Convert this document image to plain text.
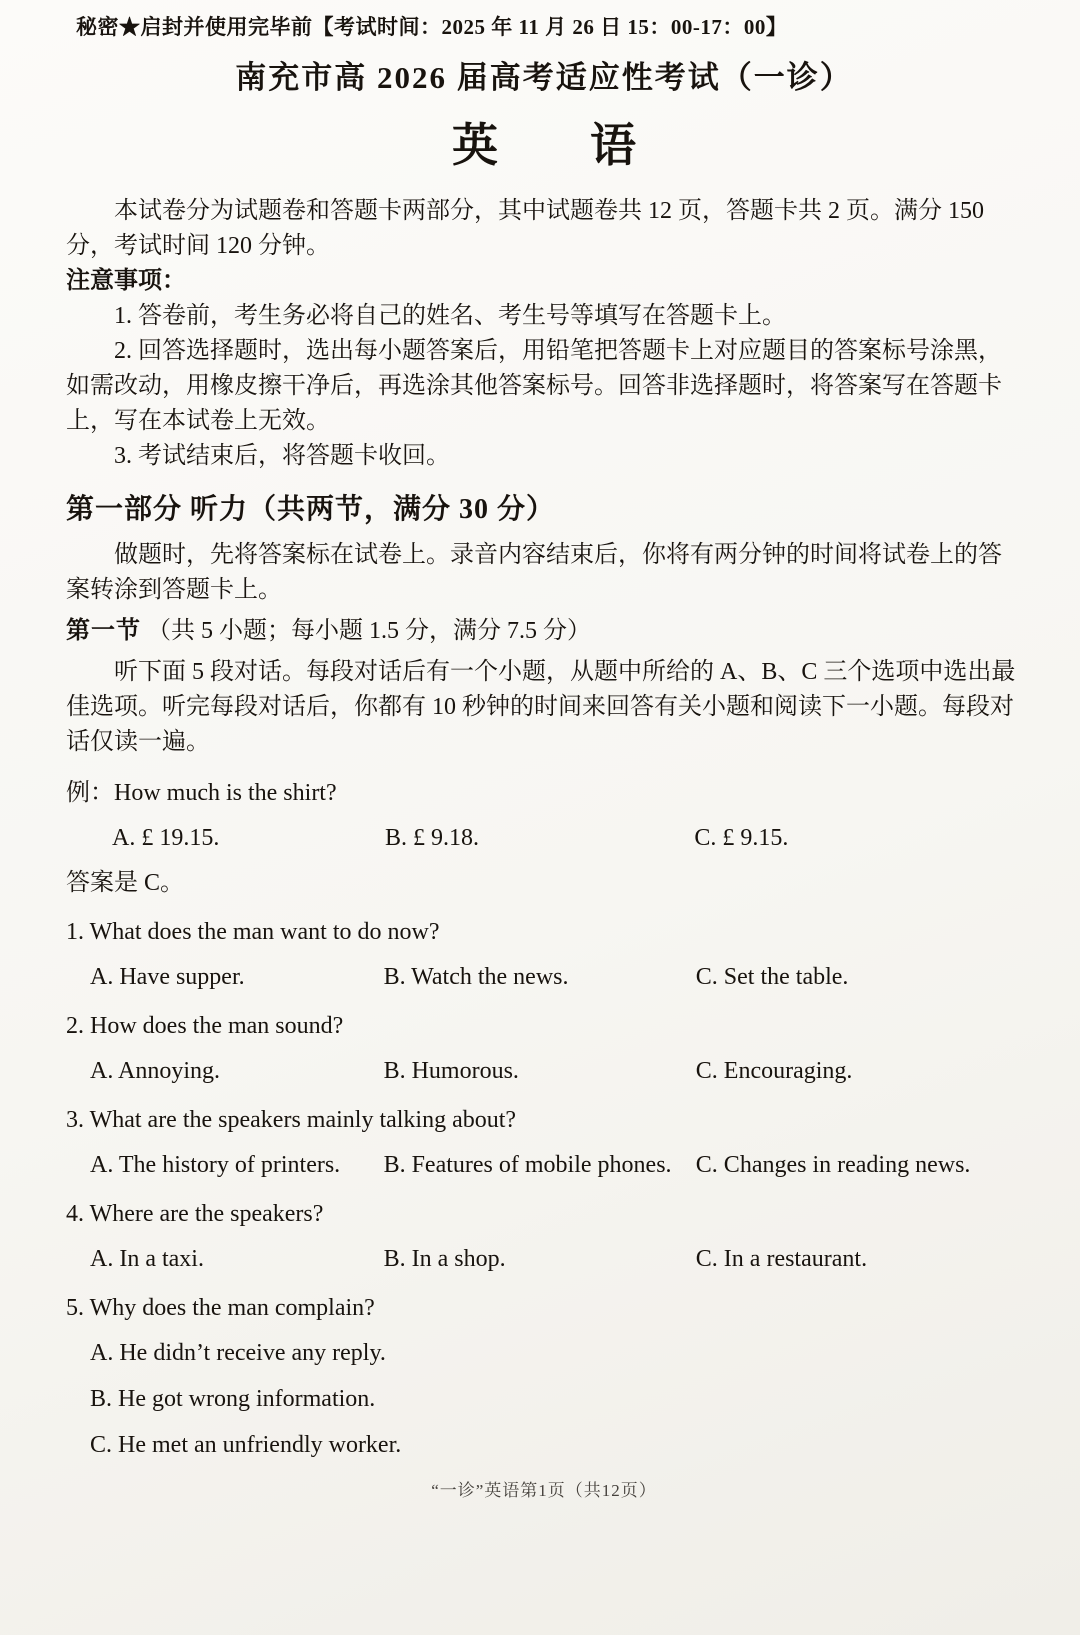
秘密★启封并使用完毕前【考试时间：2025 年 11 月 26 日 15：00-17：00】
南充市高 2026 届高考适应性考试（一诊）
英　　语

本试卷分为试题卷和答题卡两部分，其中试题卷共 12 页，答题卡共 2 页。满分 150 分，考试时间 120 分钟。

注意事项：

1. 答卷前，考生务必将自己的姓名、考生号等填写在答题卡上。

2. 回答选择题时，选出每小题答案后，用铅笔把答题卡上对应题目的答案标号涂黑，如需改动，用橡皮擦干净后，再选涂其他答案标号。回答非选择题时，将答案写在答题卡上，写在本试卷上无效。

3. 考试结束后，将答题卡收回。

第一部分 听力（共两节，满分 30 分）

做题时，先将答案标在试卷上。录音内容结束后，你将有两分钟的时间将试卷上的答案转涂到答题卡上。

第一节 （共 5 小题；每小题 1.5 分，满分 7.5 分）

听下面 5 段对话。每段对话后有一个小题，从题中所给的 A、B、C 三个选项中选出最佳选项。听完每段对话后，你都有 10 秒钟的时间来回答有关小题和阅读下一小题。每段对话仅读一遍。

例：How much is the shirt?

A. £ 19.15.	B. £ 9.18.	C. £ 9.15.

答案是 C。

1. What does the man want to do now?

A. Have supper.	B. Watch the news.	C. Set the table.

2. How does the man sound?

A. Annoying.	B. Humorous.	C. Encouraging.

3. What are the speakers mainly talking about?

A. The history of printers.	B. Features of mobile phones.	C. Changes in reading news.

4. Where are the speakers?

A. In a taxi.	B. In a shop.	C. In a restaurant.

5. Why does the man complain?

A. He didn’t receive any reply.
B. He got wrong information.
C. He met an unfriendly worker.
“一诊”英语第1页（共12页）
